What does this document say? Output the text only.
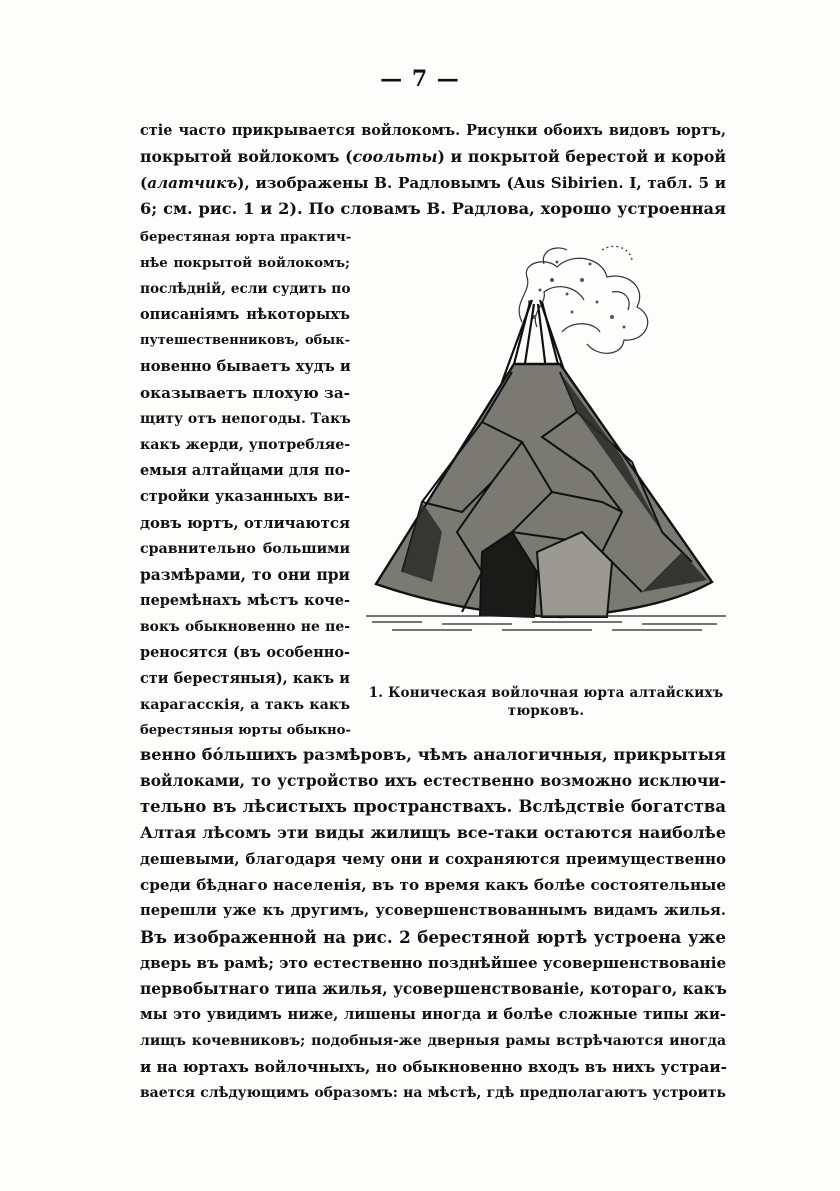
— 7 —
стіе часто прикрывается войлокомъ. Рисунки обоихъ видовъ юртъ,
покрытой войлокомъ (соольты) и покрытой берестой и корой
(алатчикъ), изображены В. Радловымъ (Aus Sibirien. I, табл. 5 и
6; см. рис. 1 и 2). По словамъ В. Радлова, хорошо устроенная
берестяная юрта практич-
нѣе покрытой войлокомъ;
послѣдній, если судить по
описаніямъ нѣкоторыхъ
путешественниковъ, обык-
новенно бываетъ худъ и
оказываетъ плохую за-
щиту отъ непогоды. Такъ
какъ жерди, употребляе-
емыя алтайцами для по-
стройки указанныхъ ви-
довъ юртъ, отличаются
сравнительно большими
размѣрами, то они при
перемѣнахъ мѣстъ коче-
вокъ обыкновенно не пе-
реносятся (въ особенно-
сти берестяныя), какъ и
карагасскія, а такъ какъ
берестяныя юрты обыкно-
1. Коническая войлочная юрта алтайскихъ
тюрковъ.
венно бо́льшихъ размѣровъ, чѣмъ аналогичныя, прикрытыя
войлоками, то устройство ихъ естественно возможно исключи-
тельно въ лѣсистыхъ пространствахъ. Вслѣдствіе богатства
Алтая лѣсомъ эти виды жилищъ все-таки остаются наиболѣе
дешевыми, благодаря чему они и сохраняются преимущественно
среди бѣднаго населенія, въ то время какъ болѣе состоятельные
перешли уже къ другимъ, усовершенствованнымъ видамъ жилья.
Въ изображенной на рис. 2 берестяной юртѣ устроена уже
дверь въ рамѣ; это естественно позднѣйшее усовершенствованіе
первобытнаго типа жилья, усовершенствованіе, котораго, какъ
мы это увидимъ ниже, лишены иногда и болѣе сложные типы жи-
лищъ кочевниковъ; подобныя-же дверныя рамы встрѣчаются иногда
и на юртахъ войлочныхъ, но обыкновенно входъ въ нихъ устраи-
вается слѣдующимъ образомъ: на мѣстѣ, гдѣ предполагаютъ устроить
